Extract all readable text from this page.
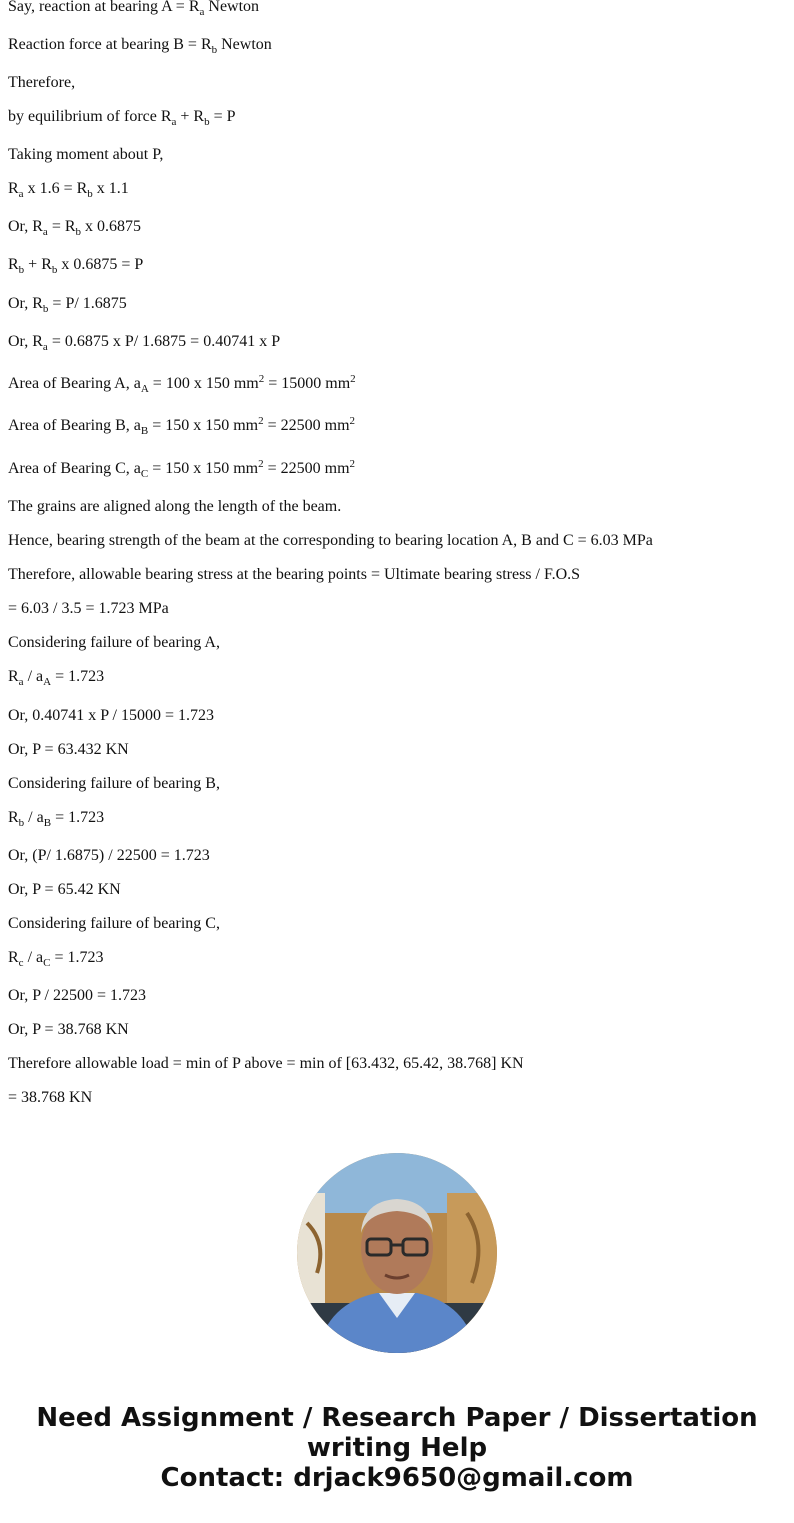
Say, reaction at bearing $A = R_a$ Newton
Reaction force at bearing $B = R_b$ Newton
Therefore,
by equilibrium of force $R_a + R_b = P$
Taking moment about P,
$R_a$ x $1.6 = R_b$ x 1.1
Or, $R_a = R_b$ x 0.6875
$R_b + R_b$ x 0.6875 = P
Or, $R_b = P/$ 1.6875
Or, $R_a = 0.6875$ x P/ 1.6875 = 0.40741 x P
Area of Bearing A, $a_A = 100$ x 150 $mm^2 = 15000$ $mm^2$
Area of Bearing B, $a_B = 150$ x 150 $mm^2 = 22500$ $mm^2$
Area of Bearing C, $a_C = 150$ x 150 $mm^2 = 22500$ $mm^2$
The grains are aligned along the length of the beam.
Hence, bearing strength of the beam at the corresponding to bearing location A, B and C = 6.03 MPa
Therefore, allowable bearing stress at the bearing points = Ultimate bearing stress / F.O.S
= 6.03 / 3.5 = 1.723 MPa
Considering failure of bearing A,
$R_a / a_A = 1.723$
Or, 0.40741 x P / 15000 = 1.723
Or, P = 63.432 KN
Considering failure of bearing B,
$R_b / a_B = 1.723$
Or, (P/ 1.6875) / 22500 = 1.723
Or, P = 65.42 KN
Considering failure of bearing C,
$R_c / a_C = 1.723$
Or, P / 22500 = 1.723
Or, P = 38.768 KN
Therefore allowable load = min of P above = min of [63.432, 65.42, 38.768] KN
= 38.768 KN
Need Assignment / Research Paper / Dissertation
writing Help
Contact: drjack9650@gmail.com
